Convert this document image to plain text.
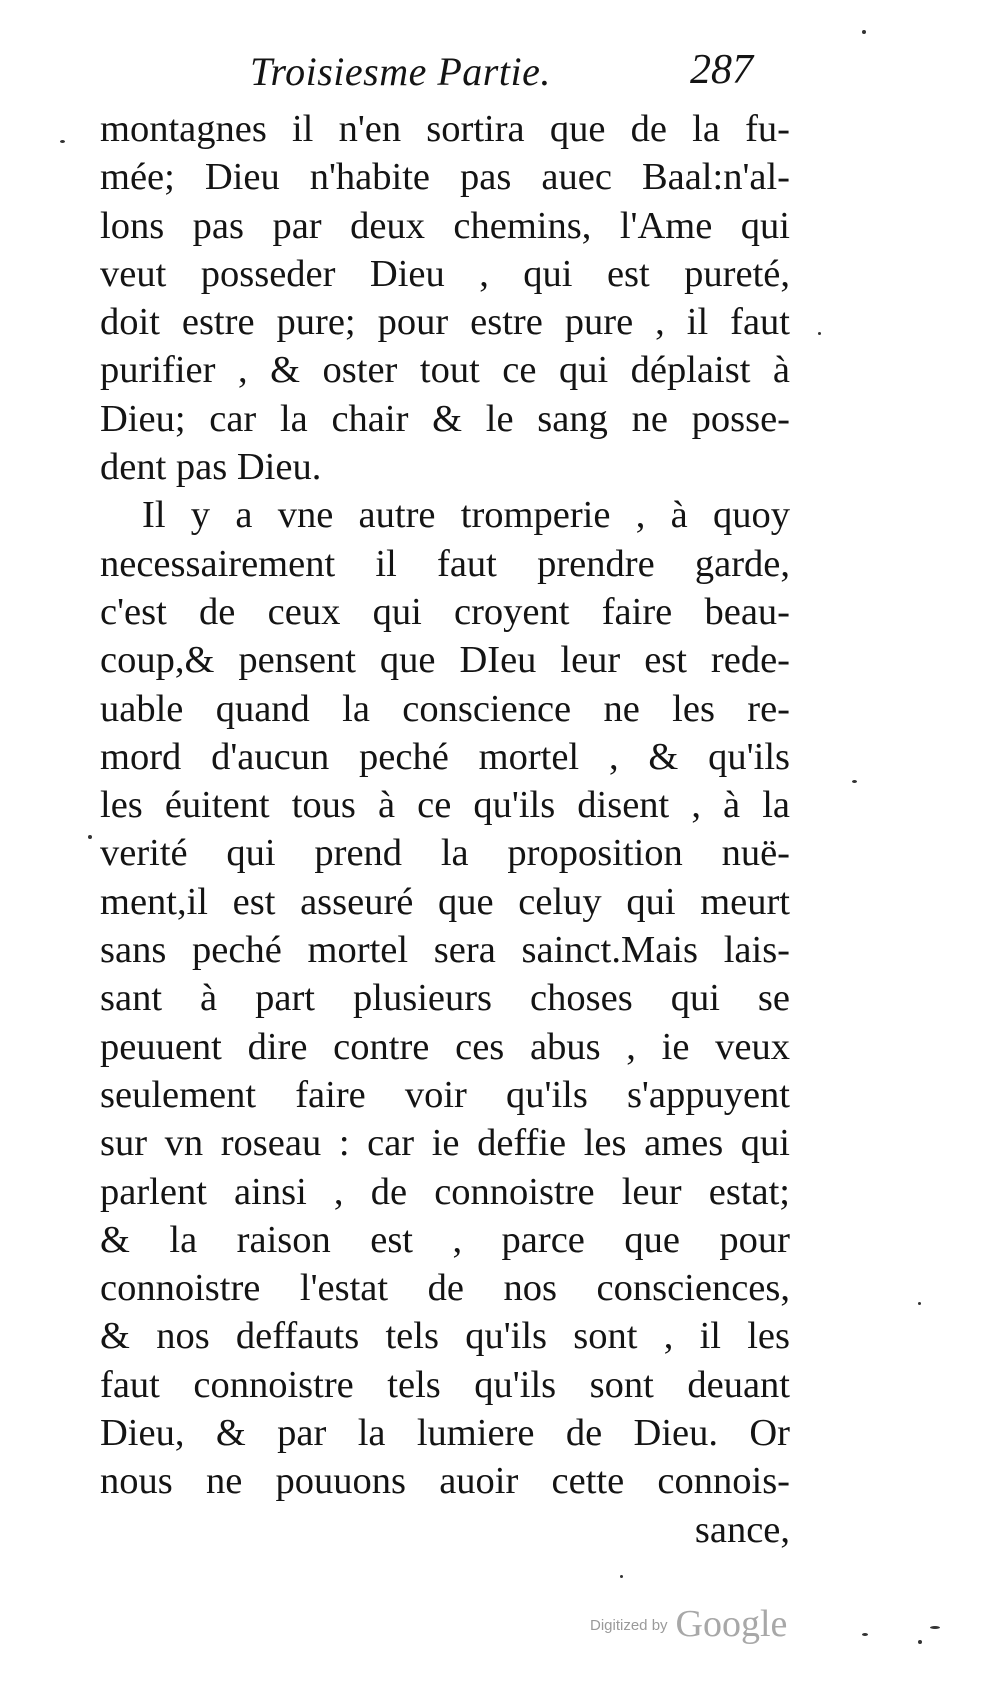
Troisiesme Partie.	287
montagnes il n'en sortira que de la fu-
mée; Dieu n'habite pas auec Baal:n'al-
lons pas par deux chemins, l'Ame qui
veut posseder Dieu , qui est pureté,
doit estre pure; pour estre pure , il faut
purifier , & oster tout ce qui déplaist à
Dieu; car la chair & le sang ne posse-
dent pas Dieu.
Il y a vne autre tromperie , à quoy
necessairement il faut prendre garde,
c'est de ceux qui croyent faire beau-
coup,& pensent que DIeu leur est rede-
uable quand la conscience ne les re-
mord d'aucun peché mortel , & qu'ils
les éuitent tous à ce qu'ils disent , à la
verité qui prend la proposition nuë-
ment,il est asseuré que celuy qui meurt
sans peché mortel sera sainct.Mais lais-
sant à part plusieurs choses qui se
peuuent dire contre ces abus , ie veux
seulement faire voir qu'ils s'appuyent
sur vn roseau : car ie deffie les ames qui
parlent ainsi , de connoistre leur estat;
& la raison est , parce que pour
connoistre l'estat de nos consciences,
& nos deffauts tels qu'ils sont , il les
faut connoistre tels qu'ils sont deuant
Dieu, & par la lumiere de Dieu. Or
nous ne pouuons auoir cette connois-
sance,
Digitized by Google
